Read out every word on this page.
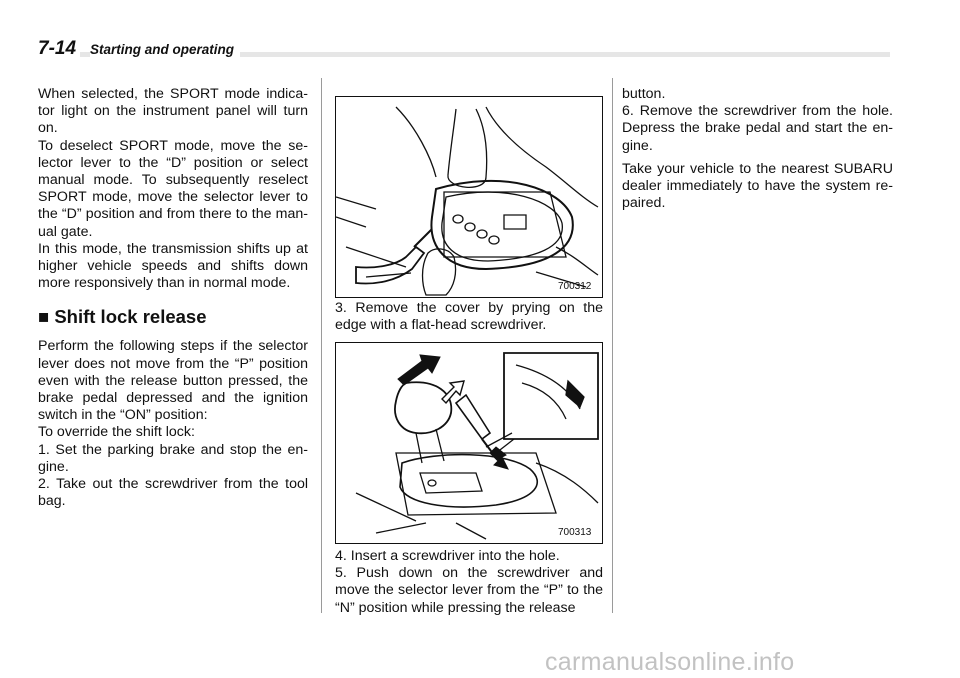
7-14 Starting and operating

When selected, the SPORT mode indica-tor light on the instrument panel will turn on.

To deselect SPORT mode, move the se-lector lever to the “D” position or select manual mode. To subsequently reselect SPORT mode, move the selector lever to the “D” position and from there to the man-ual gate.

In this mode, the transmission shifts up at higher vehicle speeds and shifts down more responsively than in normal mode.

■ Shift lock release

Perform the following steps if the selector lever does not move from the “P” position even with the release button pressed, the brake pedal depressed and the ignition switch in the “ON” position:

To override the shift lock:

1. Set the parking brake and stop the en-gine.

2. Take out the screwdriver from the tool bag.

700312

3. Remove the cover by prying on the edge with a flat-head screwdriver.

700313

4. Insert a screwdriver into the hole.

5. Push down on the screwdriver and move the selector lever from the “P” to the “N” position while pressing the release

button.

6. Remove the screwdriver from the hole. Depress the brake pedal and start the en-gine.

Take your vehicle to the nearest SUBARU dealer immediately to have the system re-paired.

carmanualsonline.info
